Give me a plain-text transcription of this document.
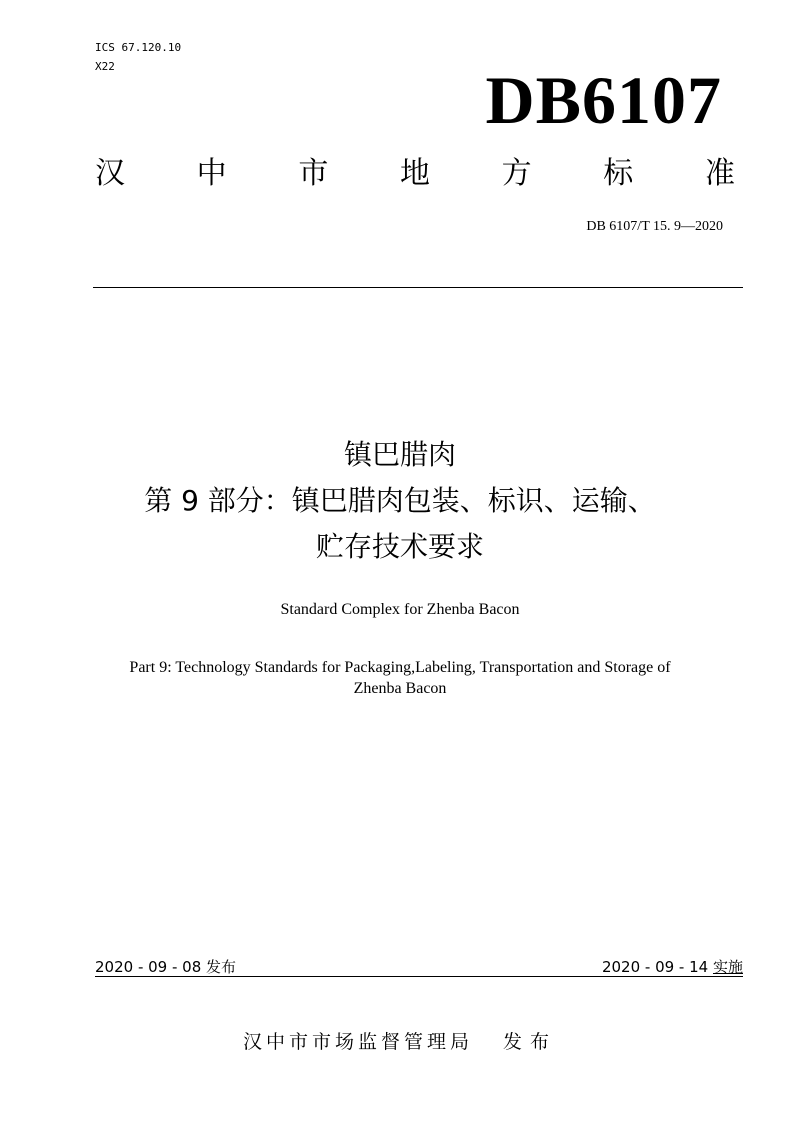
ICS 67.120.10
X22	DB6107
汉 中 市 地 方 标 准
DB 6107/T 15. 9—2020
镇巴腊肉
第 9 部分：镇巴腊肉包装、标识、运输、
贮存技术要求
Standard Complex for Zhenba Bacon
Part 9: Technology Standards for Packaging,Labeling, Transportation and Storage of
Zhenba Bacon
2020 - 09 - 08 发布	2020 - 09 - 14 实施
汉中市市场监督管理局 发布
